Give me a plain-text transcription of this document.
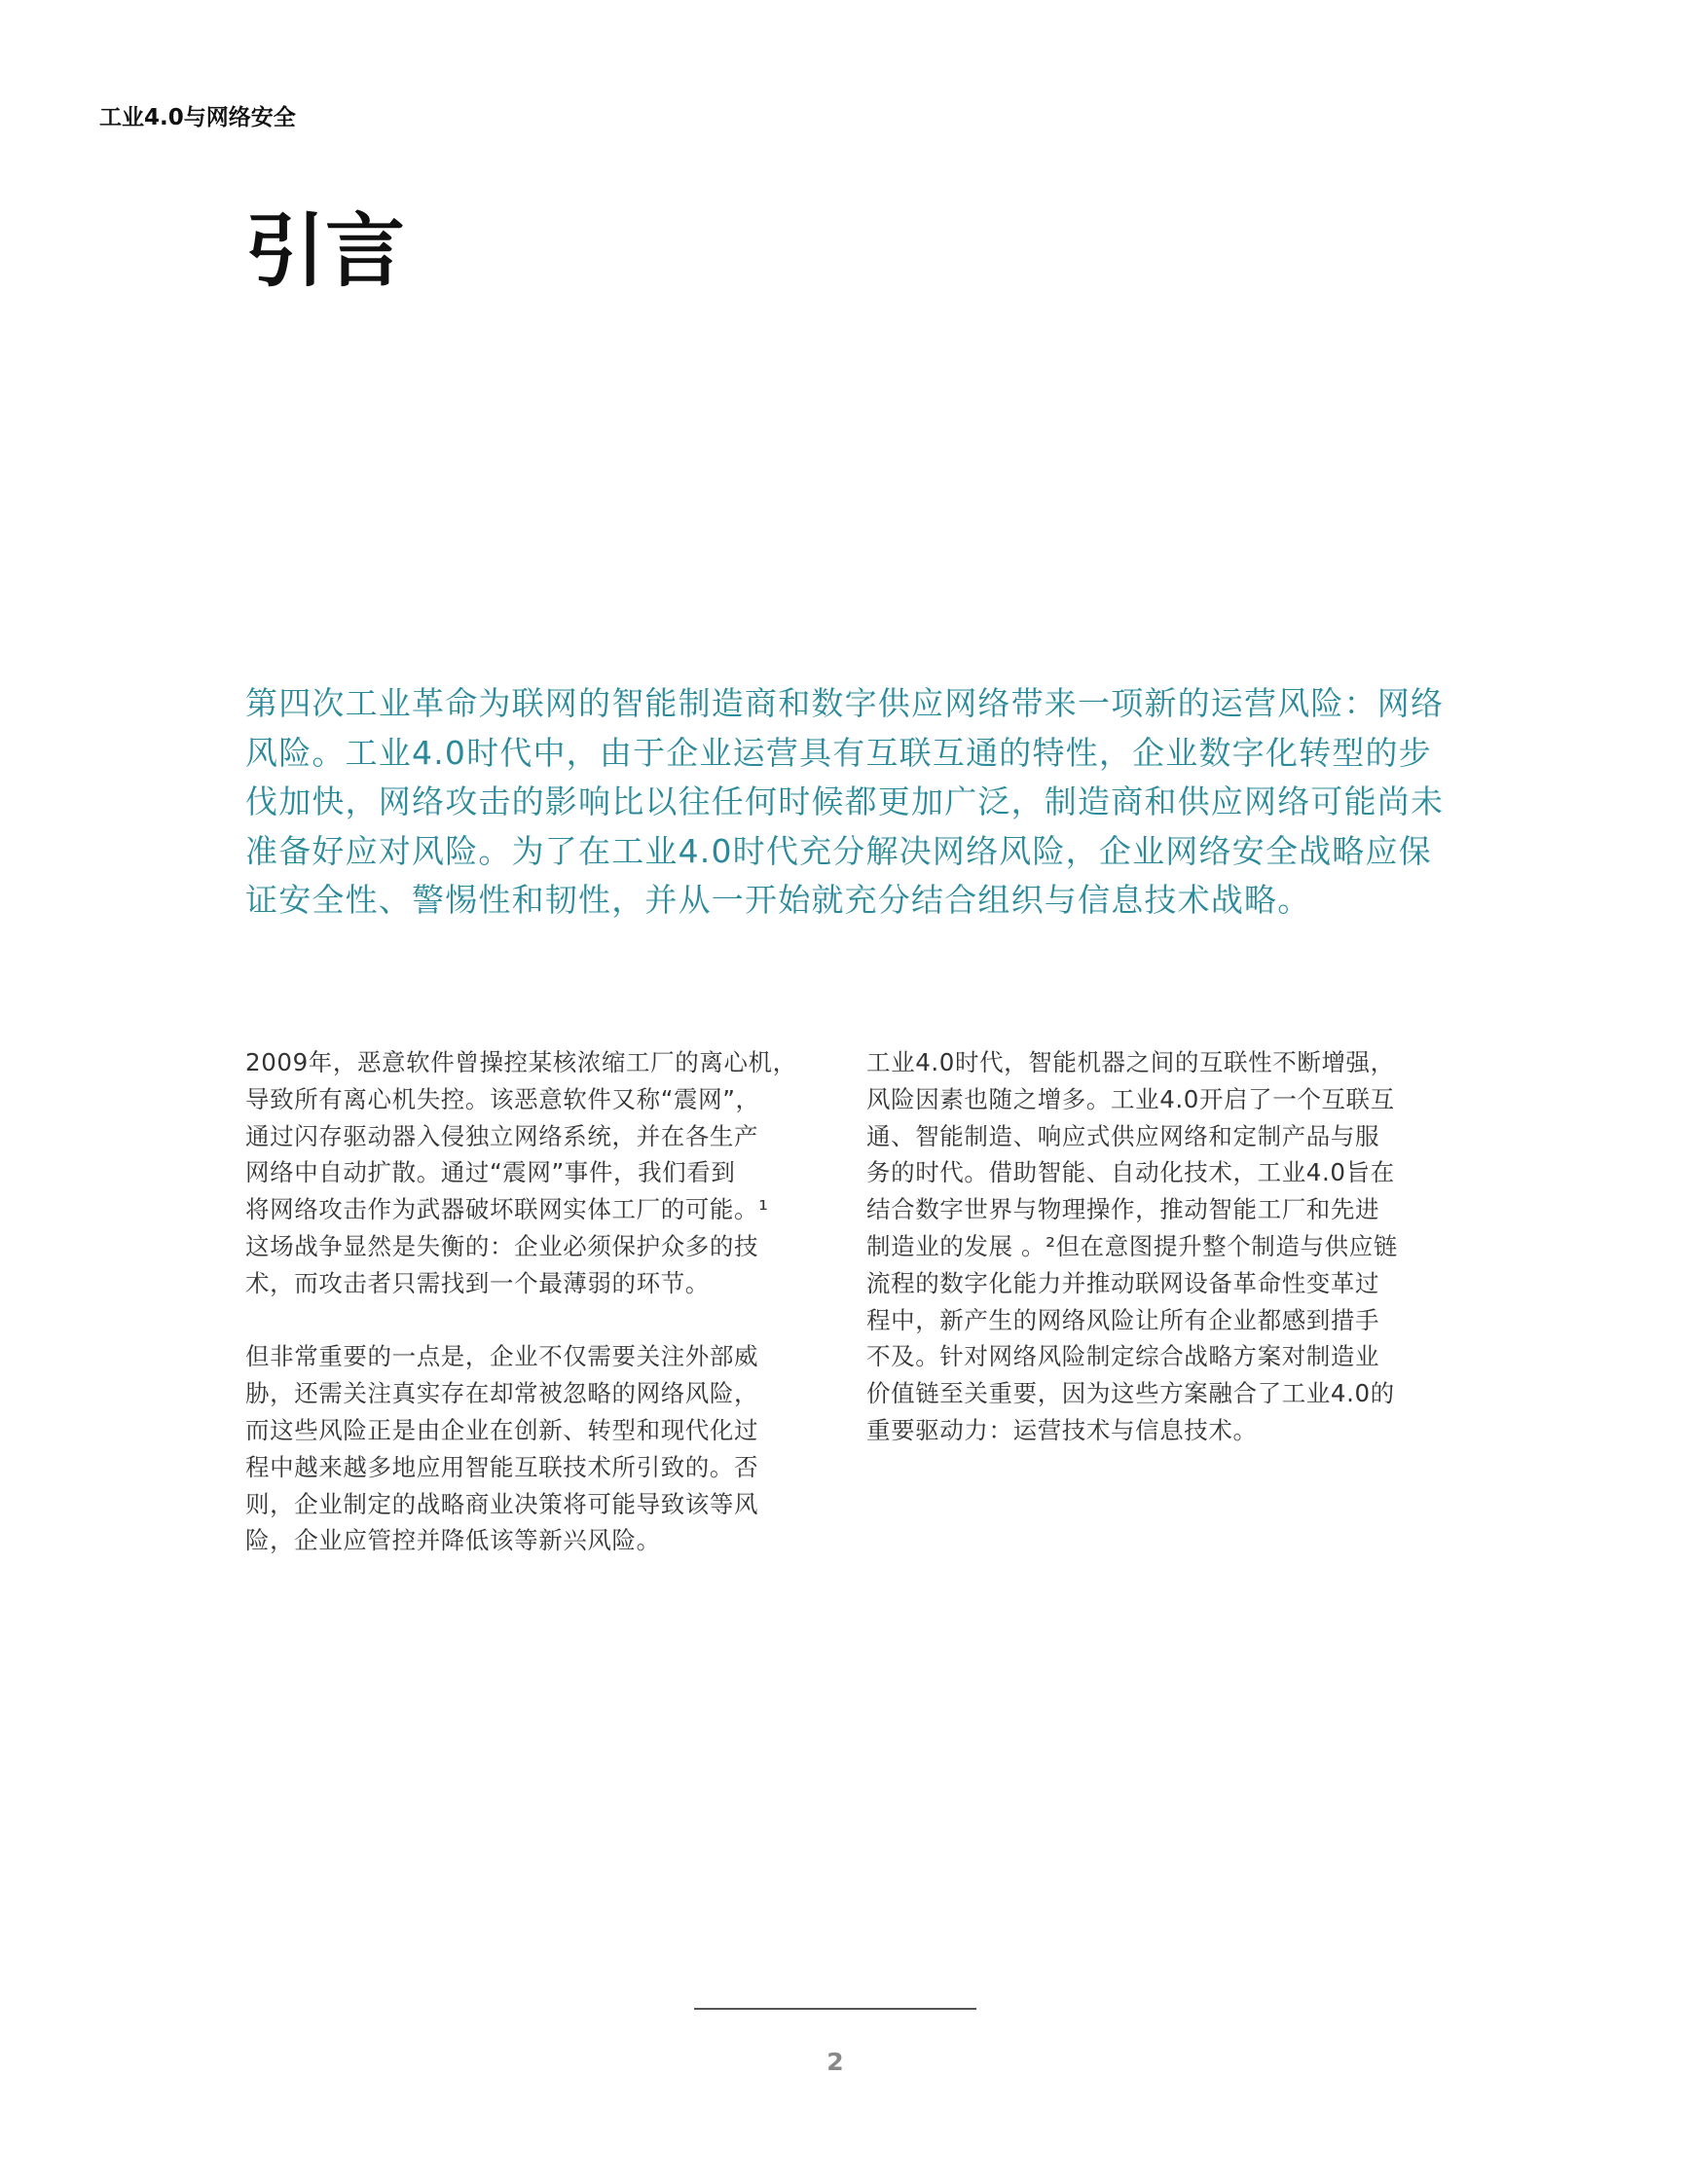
工业4.0与网络安全
引言
第四次工业革命为联网的智能制造商和数字供应网络带来一项新的运营风险：网络
风险。工业4.0时代中，由于企业运营具有互联互通的特性，企业数字化转型的步
伐加快，网络攻击的影响比以往任何时候都更加广泛，制造商和供应网络可能尚未
准备好应对风险。为了在工业4.0时代充分解决网络风险，企业网络安全战略应保
证安全性、警惕性和韧性，并从一开始就充分结合组织与信息技术战略。
2009年，恶意软件曾操控某核浓缩工厂的离心机，
导致所有离心机失控。该恶意软件又称“震网”，
通过闪存驱动器入侵独立网络系统，并在各生产
网络中自动扩散。通过“震网”事件，我们看到
将网络攻击作为武器破坏联网实体工厂的可能。¹
这场战争显然是失衡的：企业必须保护众多的技
术，而攻击者只需找到一个最薄弱的环节。
但非常重要的一点是，企业不仅需要关注外部威
胁，还需关注真实存在却常被忽略的网络风险，
而这些风险正是由企业在创新、转型和现代化过
程中越来越多地应用智能互联技术所引致的。否
则，企业制定的战略商业决策将可能导致该等风
险，企业应管控并降低该等新兴风险。
工业4.0时代，智能机器之间的互联性不断增强，
风险因素也随之增多。工业4.0开启了一个互联互
通、智能制造、响应式供应网络和定制产品与服
务的时代。借助智能、自动化技术，工业4.0旨在
结合数字世界与物理操作，推动智能工厂和先进
制造业的发展 。²但在意图提升整个制造与供应链
流程的数字化能力并推动联网设备革命性变革过
程中，新产生的网络风险让所有企业都感到措手
不及。针对网络风险制定综合战略方案对制造业
价值链至关重要，因为这些方案融合了工业4.0的
重要驱动力：运营技术与信息技术。
2
